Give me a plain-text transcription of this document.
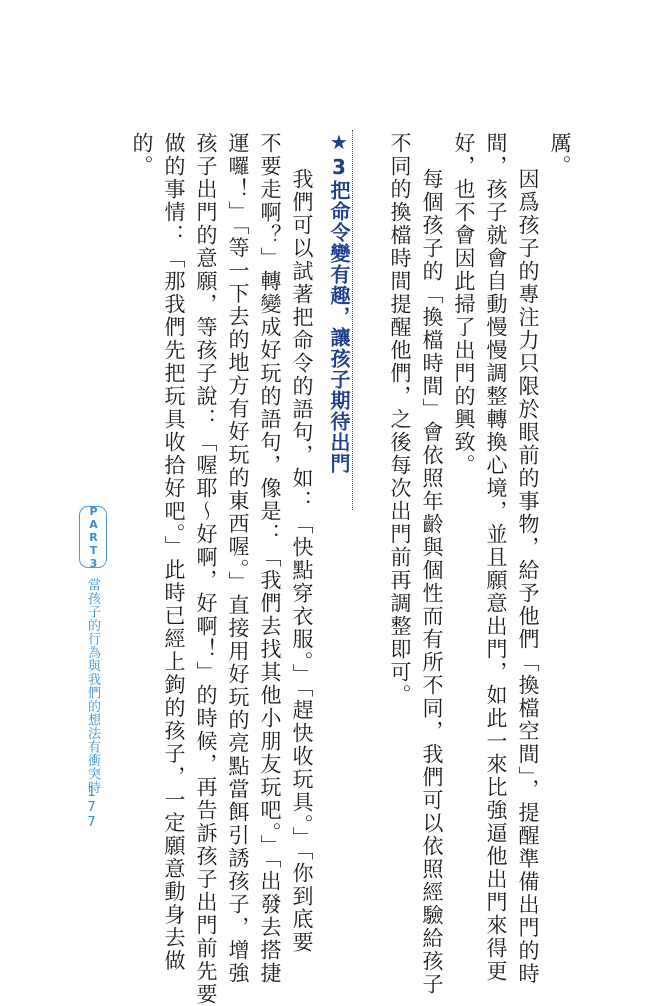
厲。
因爲孩子的專注力只限於眼前的事物，給予他們「換檔空間」，提醒準備出門的時
間，孩子就會自動慢慢調整轉換心境，並且願意出門，如此一來比強逼他出門來得更
好，也不會因此掃了出門的興致。
每個孩子的「換檔時間」會依照年齡與個性而有所不同，我們可以依照經驗給孩子
不同的換檔時間提醒他們，之後每次出門前再調整即可。
★3把命令變有趣，讓孩子期待出門
我們可以試著把命令的語句，如：「快點穿衣服。」「趕快收玩具。」「你到底要
不要走啊？」轉變成好玩的語句，像是：「我們去找其他小朋友玩吧。」「出發去搭捷
運囉！」「等一下去的地方有好玩的東西喔。」直接用好玩的亮點當餌引誘孩子，增強
孩子出門的意願，等孩子說：「喔耶～好啊，好啊！」的時候，再告訴孩子出門前先要
做的事情：「那我們先把玩具收拾好吧。」此時已經上鉤的孩子，一定願意動身去做
的。
PART3
當孩子的行為與我們的想法有衝突時
177
